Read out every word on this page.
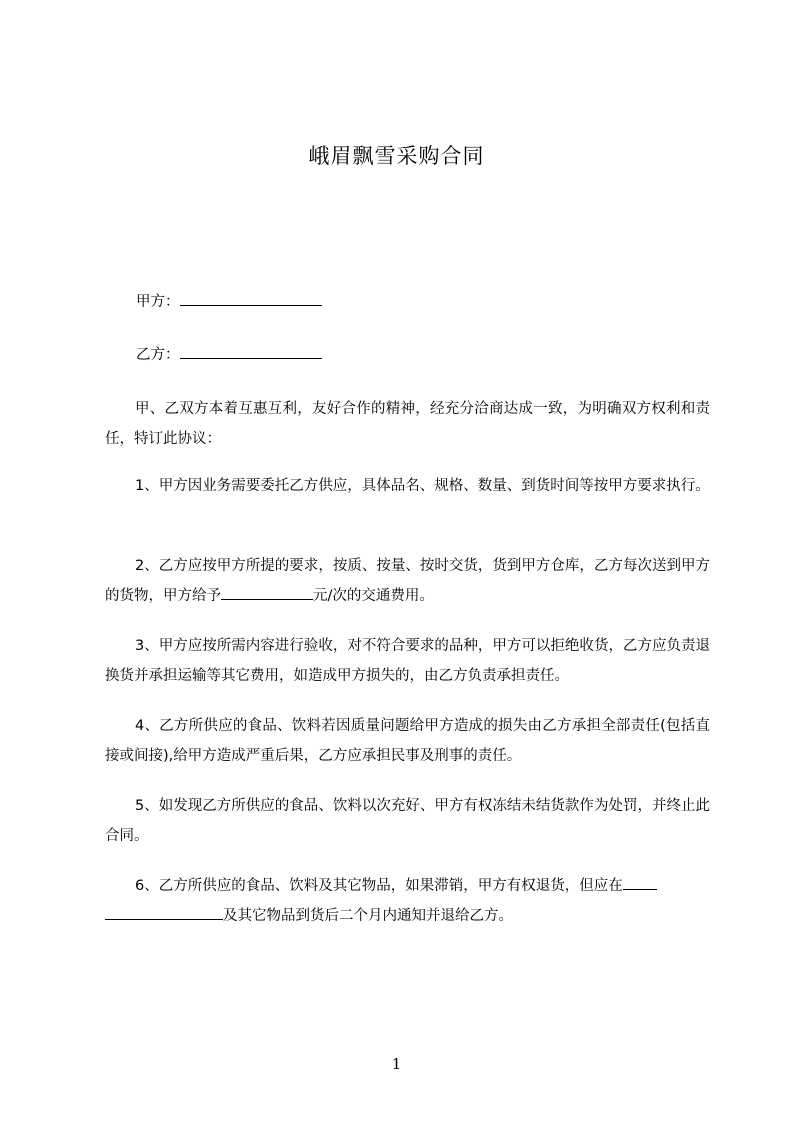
峨眉飘雪采购合同
甲方：
乙方：
甲、乙双方本着互惠互利，友好合作的精神，经充分洽商达成一致，为明确双方权利和责任，特订此协议：
1、甲方因业务需要委托乙方供应，具体品名、规格、数量、到货时间等按甲方要求执行。
2、乙方应按甲方所提的要求，按质、按量、按时交货，货到甲方仓库，乙方每次送到甲方的货物，甲方给予	元/次的交通费用。
3、甲方应按所需内容进行验收，对不符合要求的品种，甲方可以拒绝收货，乙方应负责退换货并承担运输等其它费用，如造成甲方损失的，由乙方负责承担责任。
4、乙方所供应的食品、饮料若因质量问题给甲方造成的损失由乙方承担全部责任(包括直接或间接),给甲方造成严重后果，乙方应承担民事及刑事的责任。
5、如发现乙方所供应的食品、饮料以次充好、甲方有权冻结未结货款作为处罚，并终止此合同。
6、乙方所供应的食品、饮料及其它物品，如果滞销，甲方有权退货，但应在
及其它物品到货后二个月内通知并退给乙方。
1
